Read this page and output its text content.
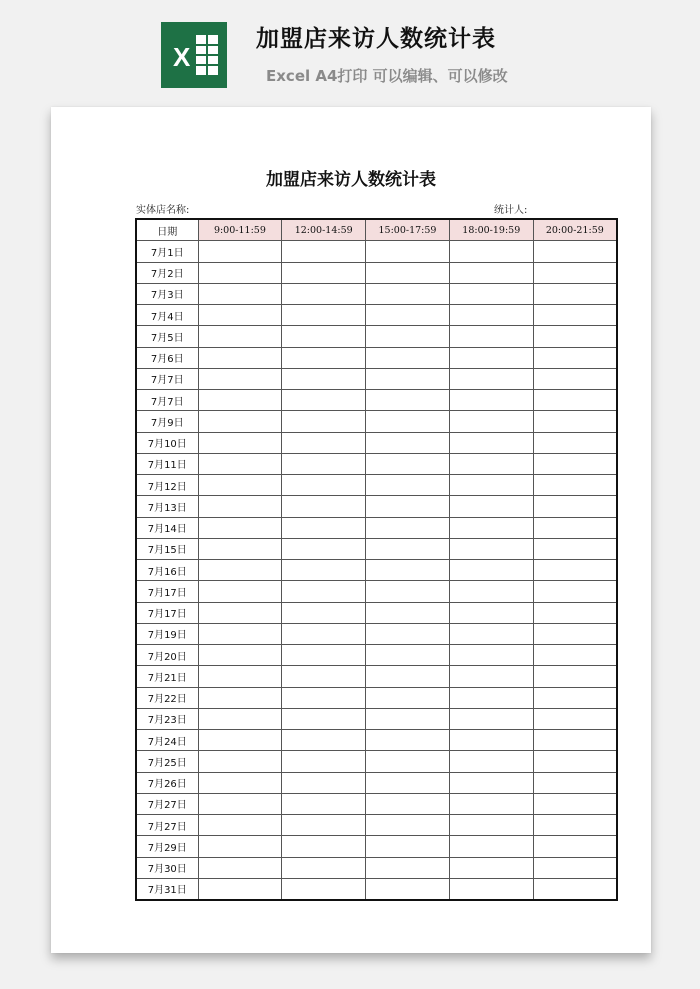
X
加盟店来访人数统计表
Excel A4打印 可以编辑、可以修改
加盟店来访人数统计表
实体店名称:	统计人:
日期	9:00-11:59	12:00-14:59	15:00-17:59	18:00-19:59	20:00-21:59
7月1日					
7月2日					
7月3日					
7月4日					
7月5日					
7月6日					
7月7日					
7月7日					
7月9日					
7月10日					
7月11日					
7月12日					
7月13日					
7月14日					
7月15日					
7月16日					
7月17日					
7月17日					
7月19日					
7月20日					
7月21日					
7月22日					
7月23日					
7月24日					
7月25日					
7月26日					
7月27日					
7月27日					
7月29日					
7月30日					
7月31日					
